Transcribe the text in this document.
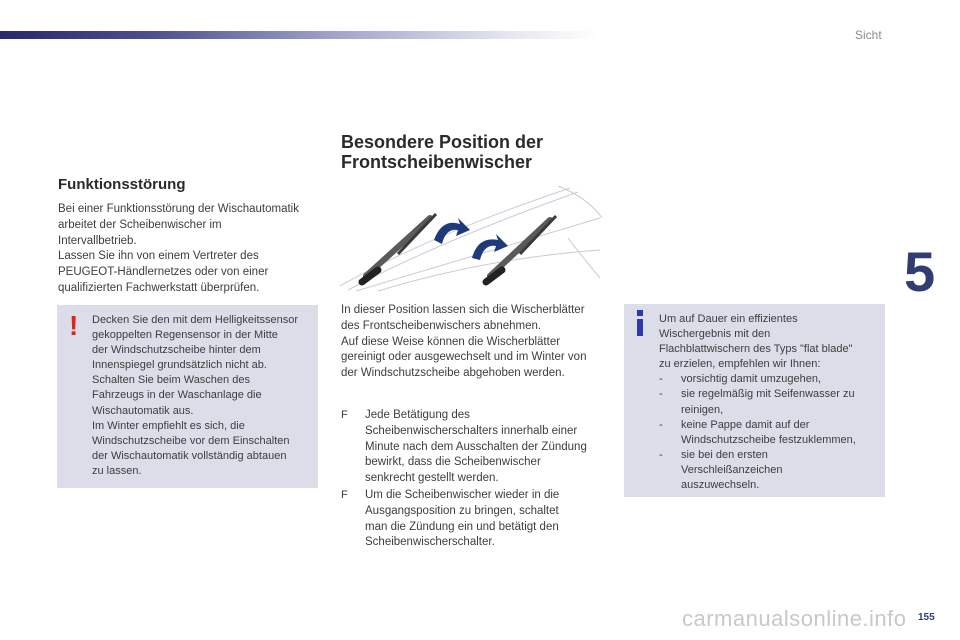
Sicht
5
Funktionsstörung

Bei einer Funktionsstörung der Wischautomatik

arbeitet der Scheibenwischer im

Intervallbetrieb.

Lassen Sie ihn von einem Vertreter des

PEUGEOT-Händlernetzes oder von einer

qualifizierten Fachwerkstatt überprüfen.

! Decken Sie den mit dem Helligkeitssensor

gekoppelten Regensensor in der Mitte

der Windschutzscheibe hinter dem

Innenspiegel grundsätzlich nicht ab.

Schalten Sie beim Waschen des

Fahrzeugs in der Waschanlage die

Wischautomatik aus.

Im Winter empfiehlt es sich, die

Windschutzscheibe vor dem Einschalten

der Wischautomatik vollständig abtauen

zu lassen.

Besondere Position der
Frontscheibenwischer

In dieser Position lassen sich die Wischerblätter

des Frontscheibenwischers abnehmen.

Auf diese Weise können die Wischerblätter

gereinigt oder ausgewechselt und im Winter von

der Windschutzscheibe abgehoben werden.

F Jede Betätigung des

Scheibenwischerschalters innerhalb einer

Minute nach dem Ausschalten der Zündung

bewirkt, dass die Scheibenwischer

senkrecht gestellt werden.

F Um die Scheibenwischer wieder in die

Ausgangsposition zu bringen, schaltet

man die Zündung ein und betätigt den

Scheibenwischerschalter.

Um auf Dauer ein effizientes

Wischergebnis mit den

Flachblattwischern des Typs "flat blade"

zu erzielen, empfehlen wir Ihnen:

- vorsichtig damit umzugehen,

- sie regelmäßig mit Seifenwasser zu

reinigen,

- keine Pappe damit auf der

Windschutzscheibe festzuklemmen,

- sie bei den ersten

Verschleißanzeichen

auszuwechseln.

carmanualsonline.info 155
